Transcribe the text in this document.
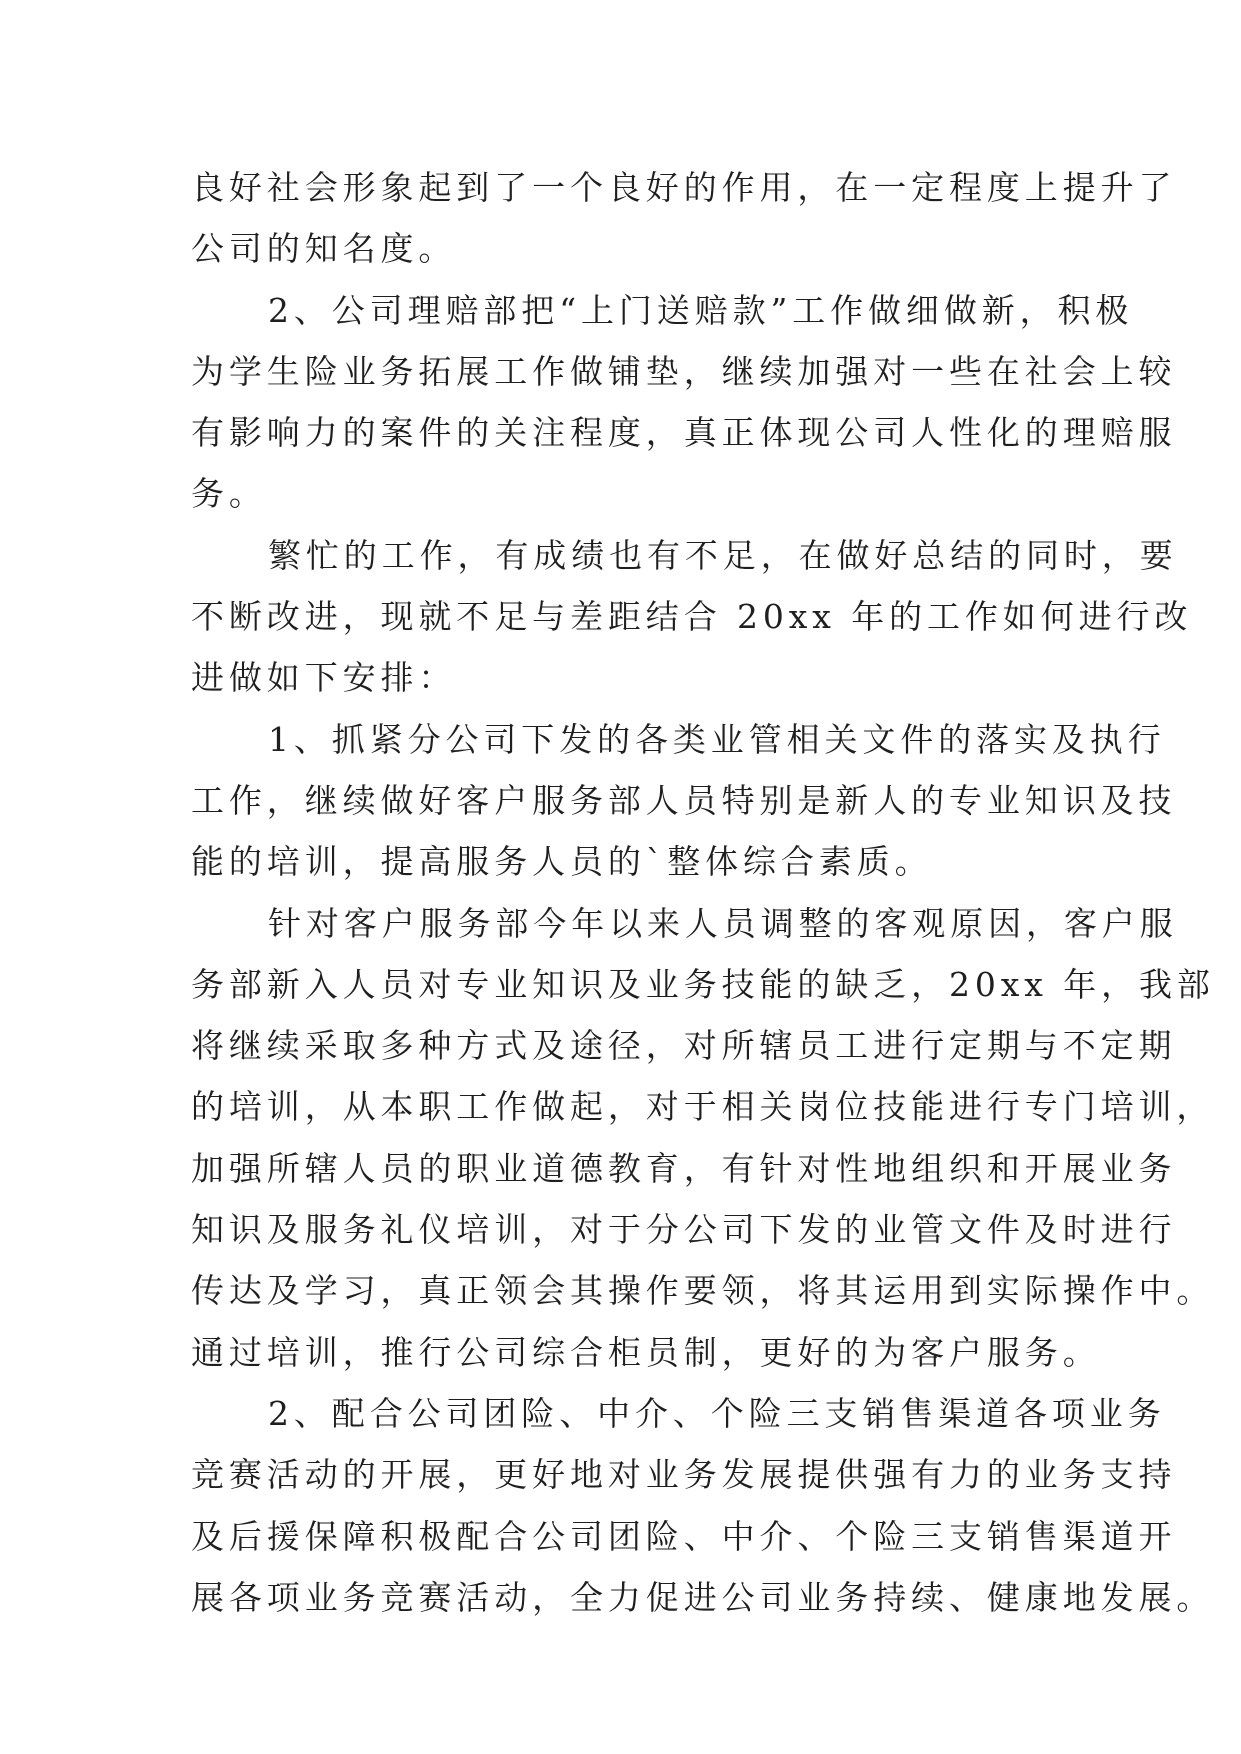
良好社会形象起到了一个良好的作用，在一定程度上提升了
公司的知名度。

2、公司理赔部把“上门送赔款”工作做细做新，积极
为学生险业务拓展工作做铺垫，继续加强对一些在社会上较
有影响力的案件的关注程度，真正体现公司人性化的理赔服
务。

繁忙的工作，有成绩也有不足，在做好总结的同时，要
不断改进，现就不足与差距结合 20xx 年的工作如何进行改
进做如下安排：

1、抓紧分公司下发的各类业管相关文件的落实及执行
工作，继续做好客户服务部人员特别是新人的专业知识及技
能的培训，提高服务人员的`整体综合素质。

针对客户服务部今年以来人员调整的客观原因，客户服
务部新入人员对专业知识及业务技能的缺乏，20xx 年，我部
将继续采取多种方式及途径，对所辖员工进行定期与不定期
的培训，从本职工作做起，对于相关岗位技能进行专门培训，
加强所辖人员的职业道德教育，有针对性地组织和开展业务
知识及服务礼仪培训，对于分公司下发的业管文件及时进行
传达及学习，真正领会其操作要领，将其运用到实际操作中。
通过培训，推行公司综合柜员制，更好的为客户服务。

2、配合公司团险、中介、个险三支销售渠道各项业务
竞赛活动的开展，更好地对业务发展提供强有力的业务支持
及后援保障积极配合公司团险、中介、个险三支销售渠道开
展各项业务竞赛活动，全力促进公司业务持续、健康地发展。
